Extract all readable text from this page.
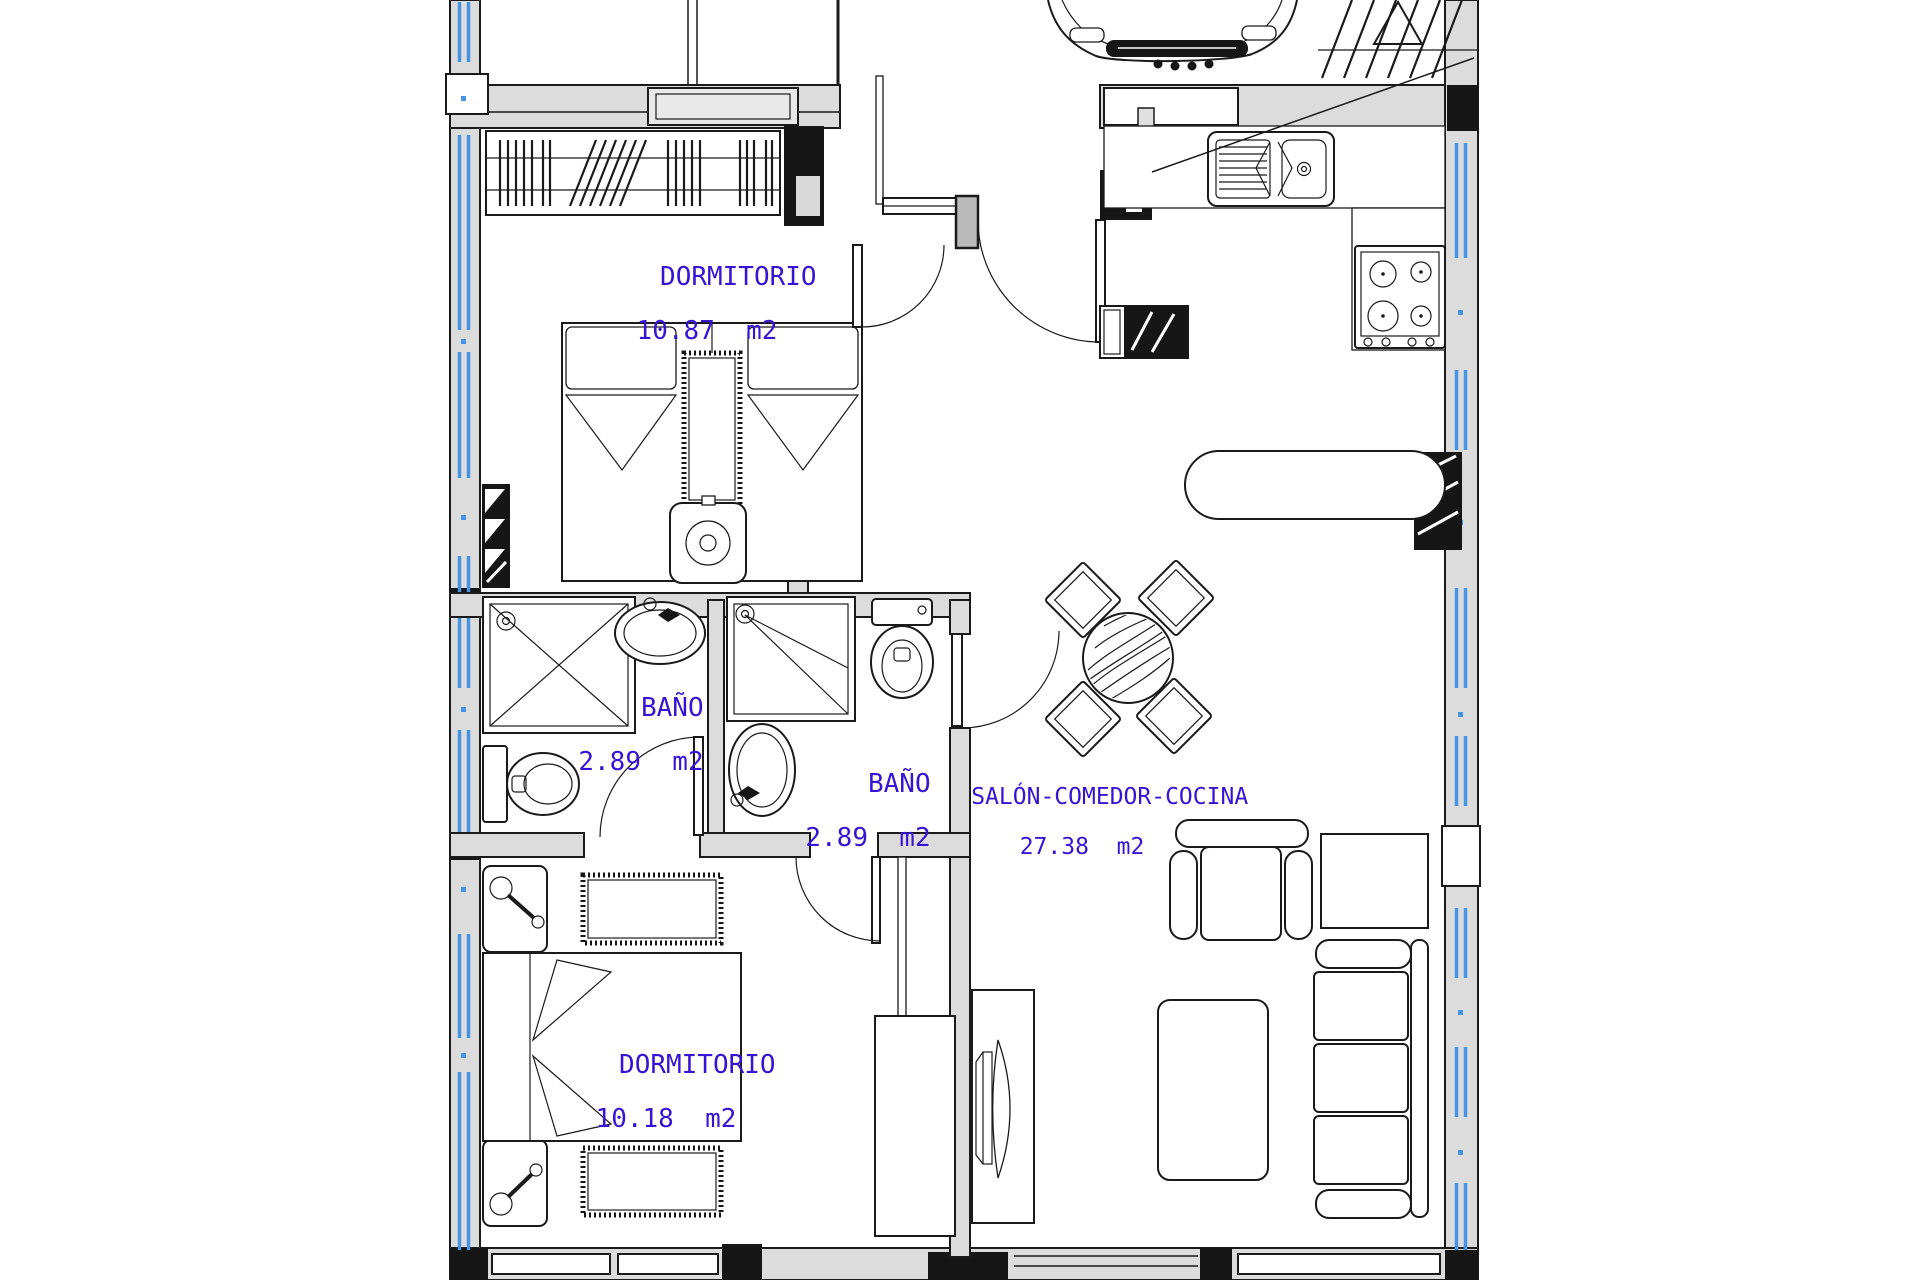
DORMITORIO

10.87  m2

BAÑO

2.89  m2

BAÑO

2.89  m2

SALÓN-COMEDOR-COCINA

27.38  m2

DORMITORIO

10.18  m2
